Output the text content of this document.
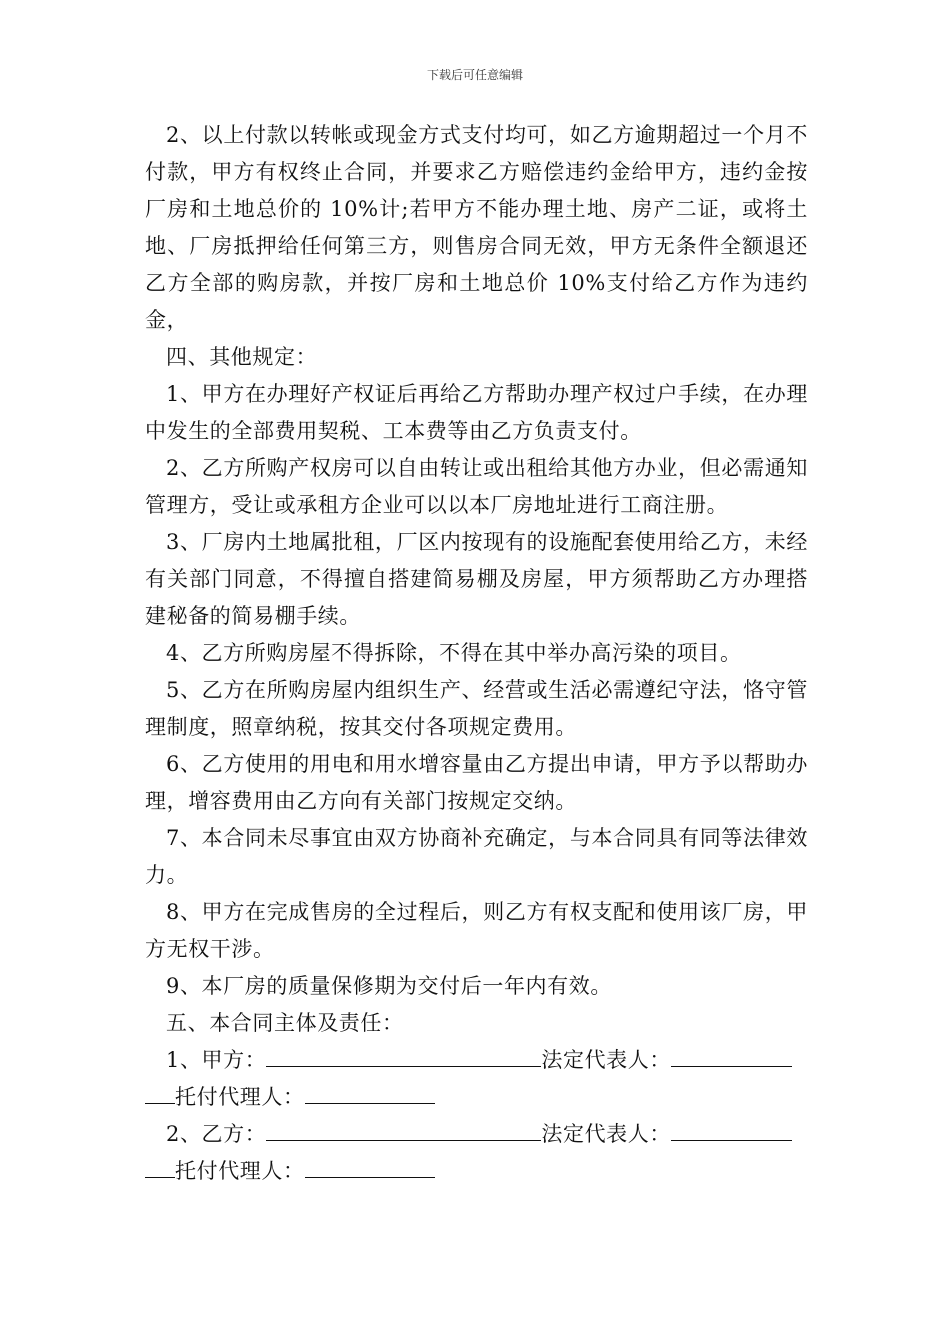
下载后可任意编辑

2、以上付款以转帐或现金方式支付均可，如乙方逾期超过一个月不付款，甲方有权终止合同，并要求乙方赔偿违约金给甲方，违约金按厂房和土地总价的 10%计;若甲方不能办理土地、房产二证，或将土地、厂房抵押给任何第三方，则售房合同无效，甲方无条件全额退还乙方全部的购房款，并按厂房和土地总价 10%支付给乙方作为违约金，

四、其他规定：

1、甲方在办理好产权证后再给乙方帮助办理产权过户手续，在办理中发生的全部费用契税、工本费等由乙方负责支付。

2、乙方所购产权房可以自由转让或出租给其他方办业，但必需通知管理方，受让或承租方企业可以以本厂房地址进行工商注册。

3、厂房内土地属批租，厂区内按现有的设施配套使用给乙方，未经有关部门同意，不得擅自搭建简易棚及房屋，甲方须帮助乙方办理搭建秘备的简易棚手续。

4、乙方所购房屋不得拆除，不得在其中举办高污染的项目。

5、乙方在所购房屋内组织生产、经营或生活必需遵纪守法，恪守管理制度，照章纳税，按其交付各项规定费用。

6、乙方使用的用电和用水增容量由乙方提出申请，甲方予以帮助办理，增容费用由乙方向有关部门按规定交纳。

7、本合同未尽事宜由双方协商补充确定，与本合同具有同等法律效力。

8、甲方在完成售房的全过程后，则乙方有权支配和使用该厂房，甲方无权干涉。

9、本厂房的质量保修期为交付后一年内有效。

五、本合同主体及责任：

1、甲方：	法定代表人：

托付代理人：

2、乙方：	法定代表人：

托付代理人：
